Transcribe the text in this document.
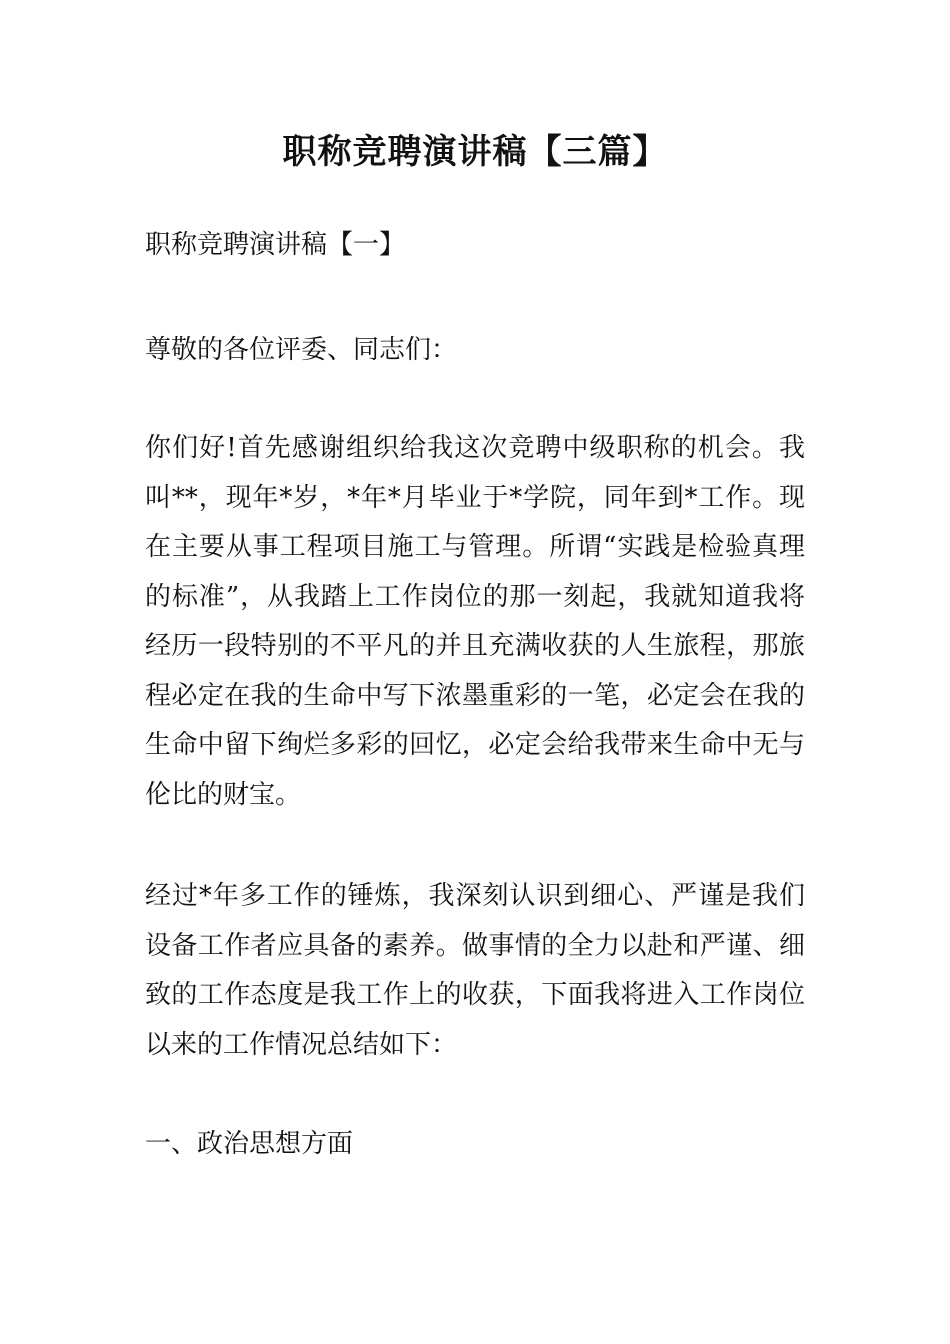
职称竞聘演讲稿【三篇】

职称竞聘演讲稿【一】

尊敬的各位评委、同志们：

你们好!首先感谢组织给我这次竞聘中级职称的机会。我叫**，现年*岁，*年*月毕业于*学院，同年到*工作。现在主要从事工程项目施工与管理。所谓“实践是检验真理的标准”，从我踏上工作岗位的那一刻起，我就知道我将经历一段特别的不平凡的并且充满收获的人生旅程，那旅程必定在我的生命中写下浓墨重彩的一笔，必定会在我的生命中留下绚烂多彩的回忆，必定会给我带来生命中无与伦比的财宝。

经过*年多工作的锤炼，我深刻认识到细心、严谨是我们设备工作者应具备的素养。做事情的全力以赴和严谨、细致的工作态度是我工作上的收获，下面我将进入工作岗位以来的工作情况总结如下：

一、政治思想方面
